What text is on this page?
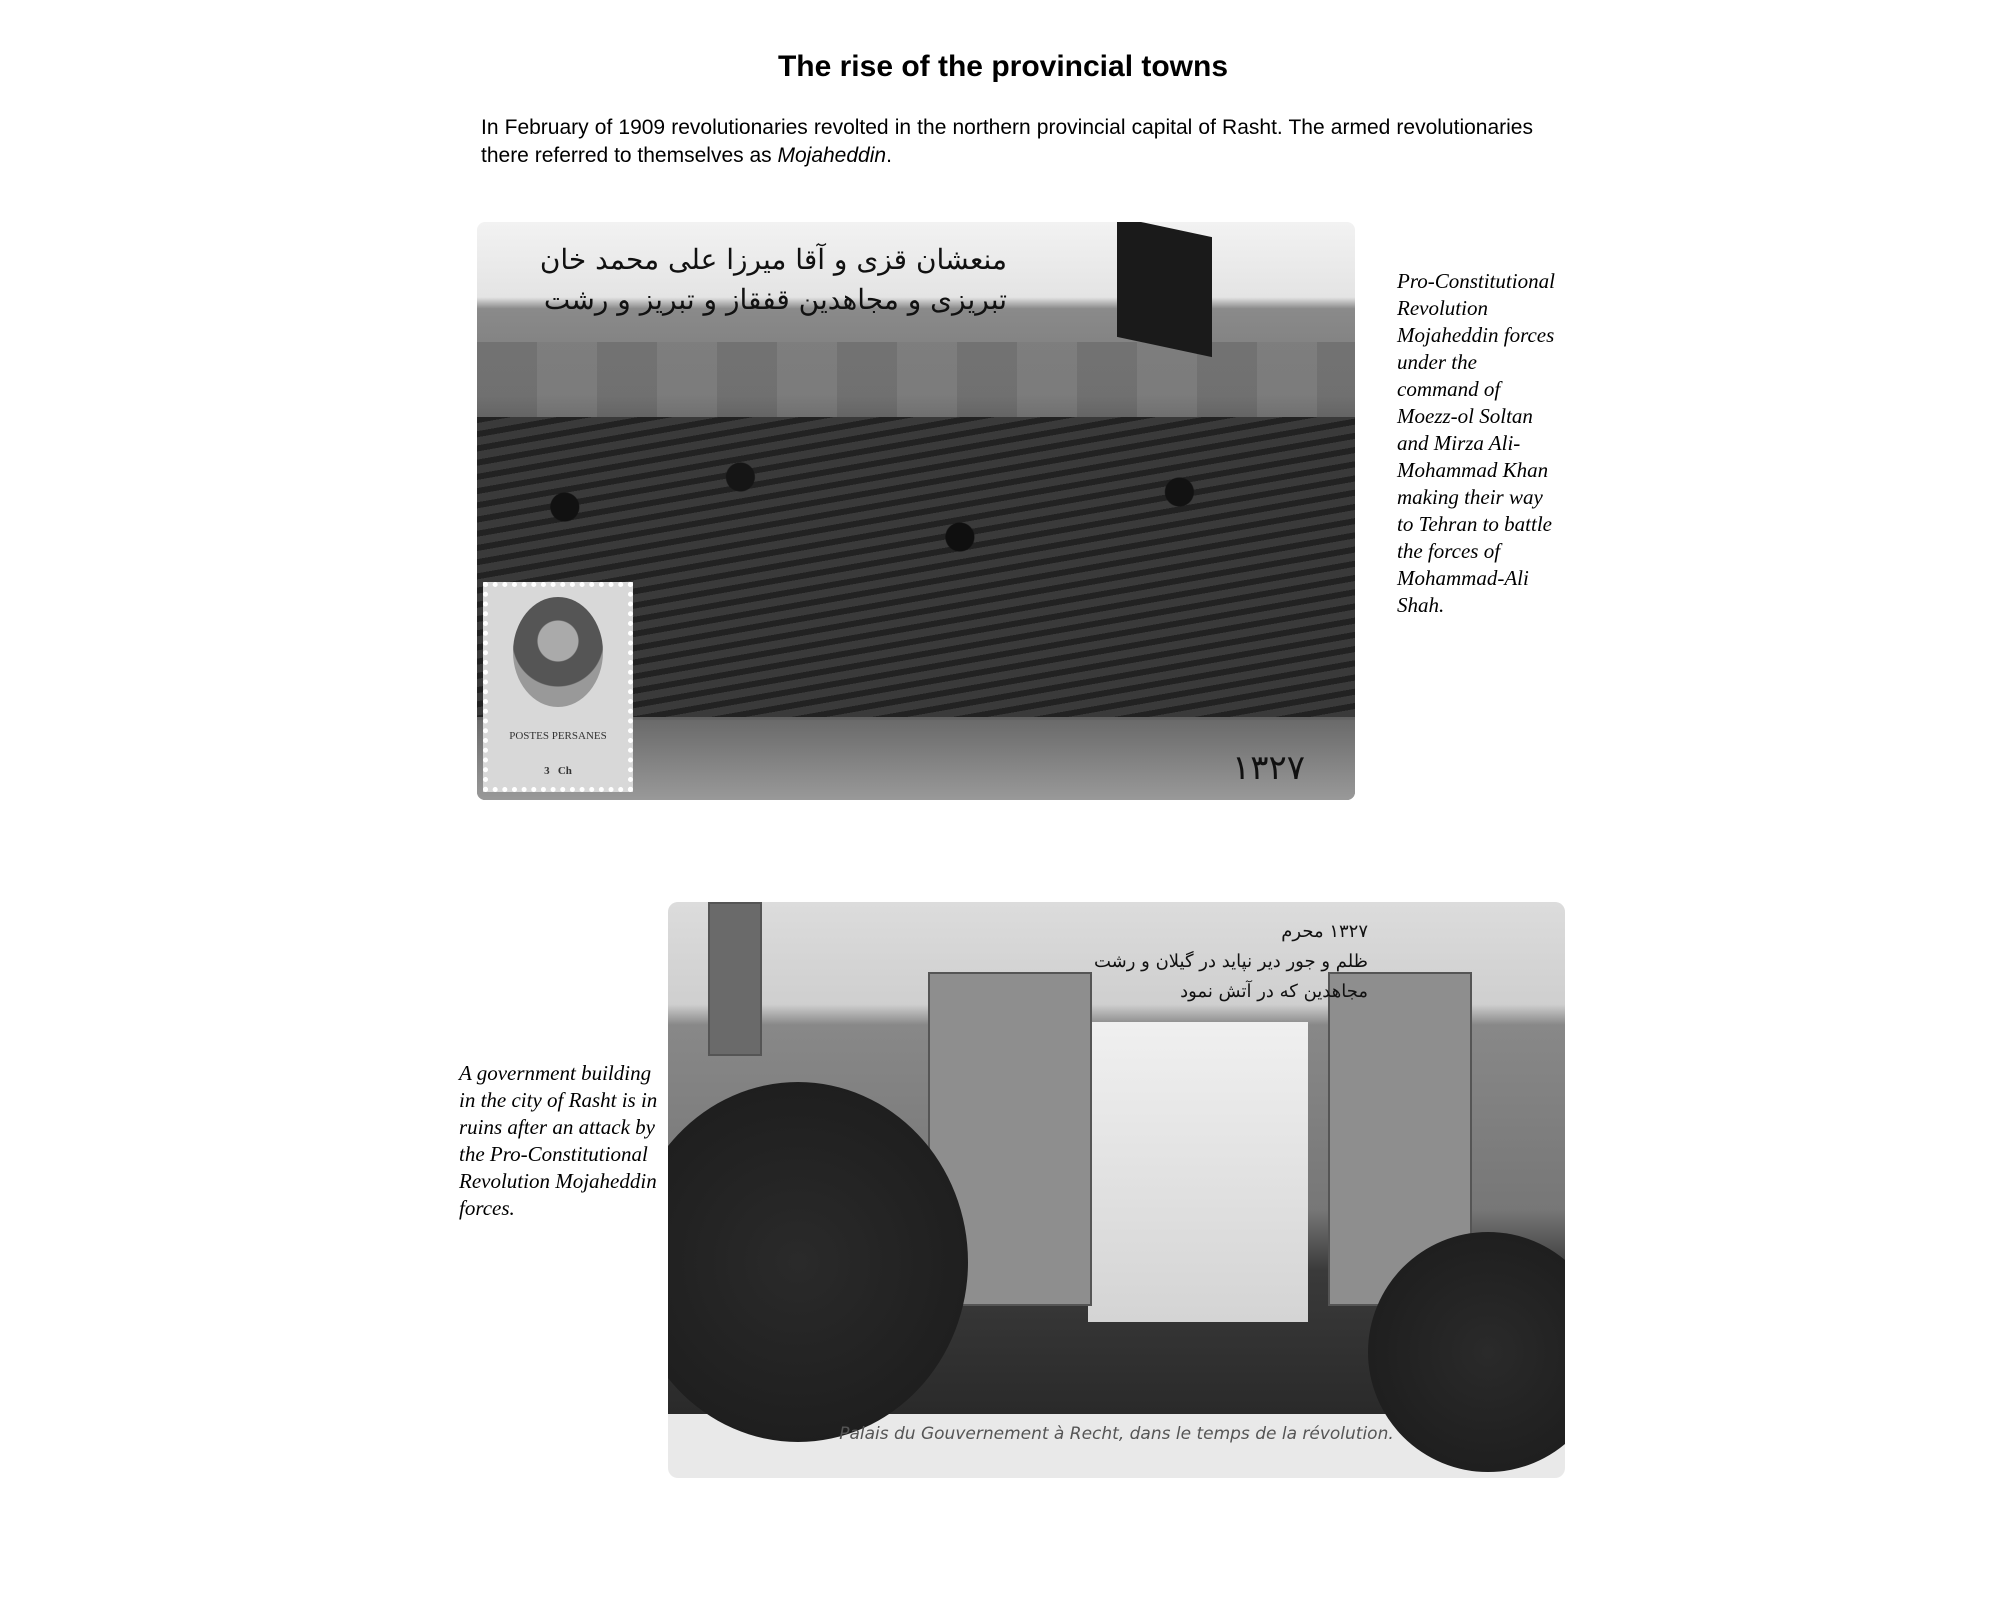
The rise of the provincial towns

In February of 1909 revolutionaries revolted in the northern provincial capital of Rasht. The armed revolutionaries there referred to themselves as Mojaheddin.

منعشان قزی و آقا میرزا علی محمد خان تبریزی و مجاهدین قفقاز و تبریز و رشت
POSTES PERSANES
3 Ch	۱۳۲۷
Pro-Constitutional Revolution Mojaheddin forces under the command of Moezz-ol Soltan and Mirza Ali-Mohammad Khan making their way to Tehran to battle the forces of Mohammad-Ali Shah.
A government building in the city of Rasht is in ruins after an attack by the Pro-Constitutional Revolution Mojaheddin forces.
۱۳۲۷ محرم
ظلم و جور دیر نپاید در گیلان و رشت
مجاهدین که در آتش نمود
Palais du Gouvernement à Recht, dans le temps de la révolution.
